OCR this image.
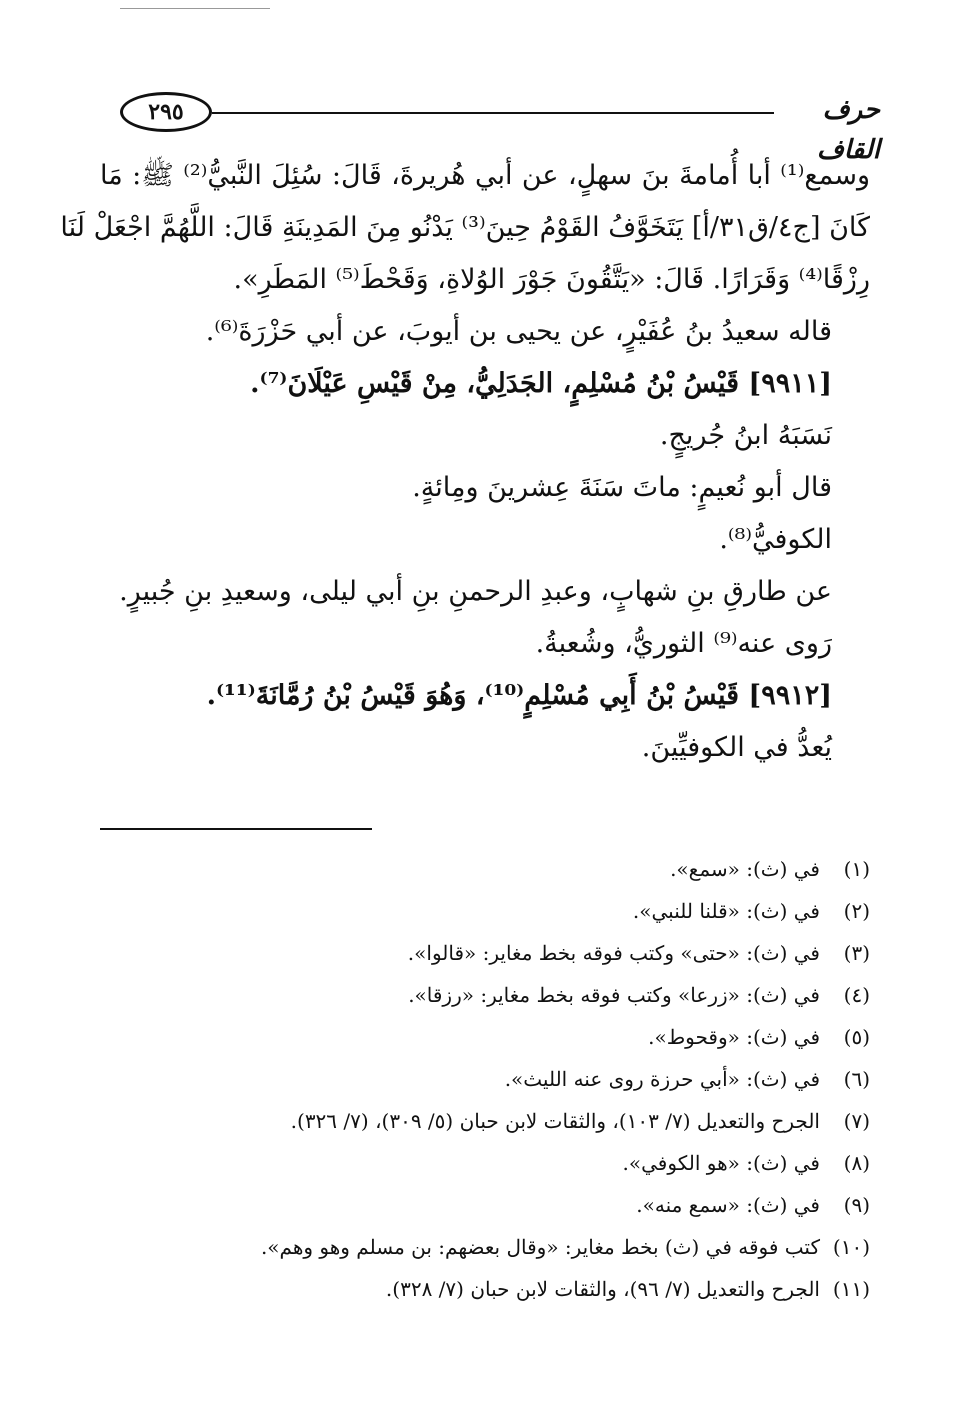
٢٩٥	حرف القاف

وسمع⁽¹⁾ أبا أُمامةَ بنَ سهلٍ، عن أبي هُريرةَ، قَالَ: سُئِلَ النَّبيُّ⁽²⁾ ﷺ: مَا

كَانَ [ج٤/ق٣١/أ] يَتَخَوَّفُ القَوْمُ حِينَ⁽³⁾ يَدْنُو مِنَ المَدِينَةِ قَالَ: اللَّهُمَّ اجْعَلْ لَنَا

رِزْقًا⁽⁴⁾ وَقَرَارًا. قَالَ: «يَتَّقُونَ جَوْرَ الوُلاةِ، وَقَحْطَ⁽⁵⁾ المَطَرِ».

قاله سعيدُ بنُ عُفَيْرٍ، عن يحيى بن أيوبَ، عن أبي حَزْرَةَ⁽⁶⁾.

[٩٩١١] قَيْسُ بْنُ مُسْلِمٍ، الجَدَلِيُّ، مِنْ قَيْسِ عَيْلَانَ⁽⁷⁾.

نَسَبَهُ ابنُ جُريجٍ.

قال أبو نُعيمٍ: ماتَ سَنَةَ عِشرينَ ومِائةٍ.

الكوفيُّ⁽⁸⁾.

عن طارقِ بنِ شهابٍ، وعبدِ الرحمنِ بنِ أبي ليلى، وسعيدِ بنِ جُبيرٍ.

رَوى عنه⁽⁹⁾ الثوريُّ، وشُعبةُ.

[٩٩١٢] قَيْسُ بْنُ أَبِي مُسْلِمٍ⁽¹⁰⁾، وَهُوَ قَيْسُ بْنُ رُمَّانَةَ⁽¹¹⁾.

يُعدُّ في الكوفيِّينَ.

(١)في (ث): «سمع».

(٢)في (ث): «قلنا للنبي».

(٣)في (ث): «حتى» وكتب فوقه بخط مغاير: «قالوا».

(٤)في (ث): «زرعا» وكتب فوقه بخط مغاير: «رزقا».

(٥)في (ث): «وقحوط».

(٦)في (ث): «أبي حرزة روى عنه الليث».

(٧)الجرح والتعديل (٧/ ١٠٣)، والثقات لابن حبان (٥/ ٣٠٩)، (٧/ ٣٢٦).

(٨)في (ث): «هو الكوفي».

(٩)في (ث): «سمع منه».

(١٠)كتب فوقه في (ث) بخط مغاير: «وقال بعضهم: بن مسلم وهو وهم».

(١١)الجرح والتعديل (٧/ ٩٦)، والثقات لابن حبان (٧/ ٣٢٨).
